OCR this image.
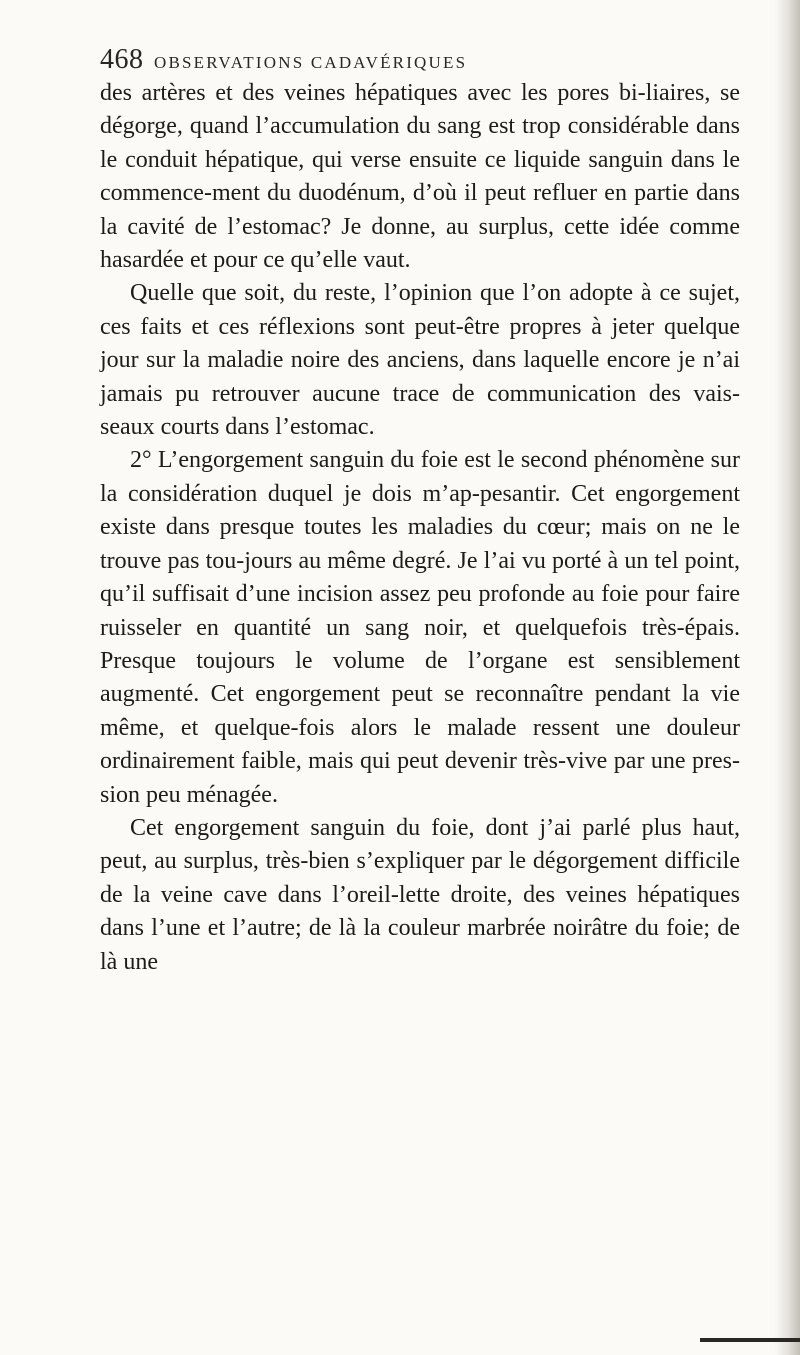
468 OBSERVATIONS CADAVÉRIQUES

des artères et des veines hépatiques avec les pores bi-liaires, se dégorge, quand l’accumulation du sang est trop considérable dans le conduit hépatique, qui verse ensuite ce liquide sanguin dans le commence-ment du duodénum, d’où il peut refluer en partie dans la cavité de l’estomac? Je donne, au surplus, cette idée comme hasardée et pour ce qu’elle vaut.

Quelle que soit, du reste, l’opinion que l’on adopte à ce sujet, ces faits et ces réflexions sont peut-être propres à jeter quelque jour sur la maladie noire des anciens, dans laquelle encore je n’ai jamais pu retrouver aucune trace de communication des vais-seaux courts dans l’estomac.

2° L’engorgement sanguin du foie est le second phénomène sur la considération duquel je dois m’ap-pesantir. Cet engorgement existe dans presque toutes les maladies du cœur; mais on ne le trouve pas tou-jours au même degré. Je l’ai vu porté à un tel point, qu’il suffisait d’une incision assez peu profonde au foie pour faire ruisseler en quantité un sang noir, et quelquefois très-épais. Presque toujours le volume de l’organe est sensiblement augmenté. Cet engorgement peut se reconnaître pendant la vie même, et quelque-fois alors le malade ressent une douleur ordinairement faible, mais qui peut devenir très-vive par une pres-sion peu ménagée.

Cet engorgement sanguin du foie, dont j’ai parlé plus haut, peut, au surplus, très-bien s’expliquer par le dégorgement difficile de la veine cave dans l’oreil-lette droite, des veines hépatiques dans l’une et l’autre; de là la couleur marbrée noirâtre du foie; de là une
